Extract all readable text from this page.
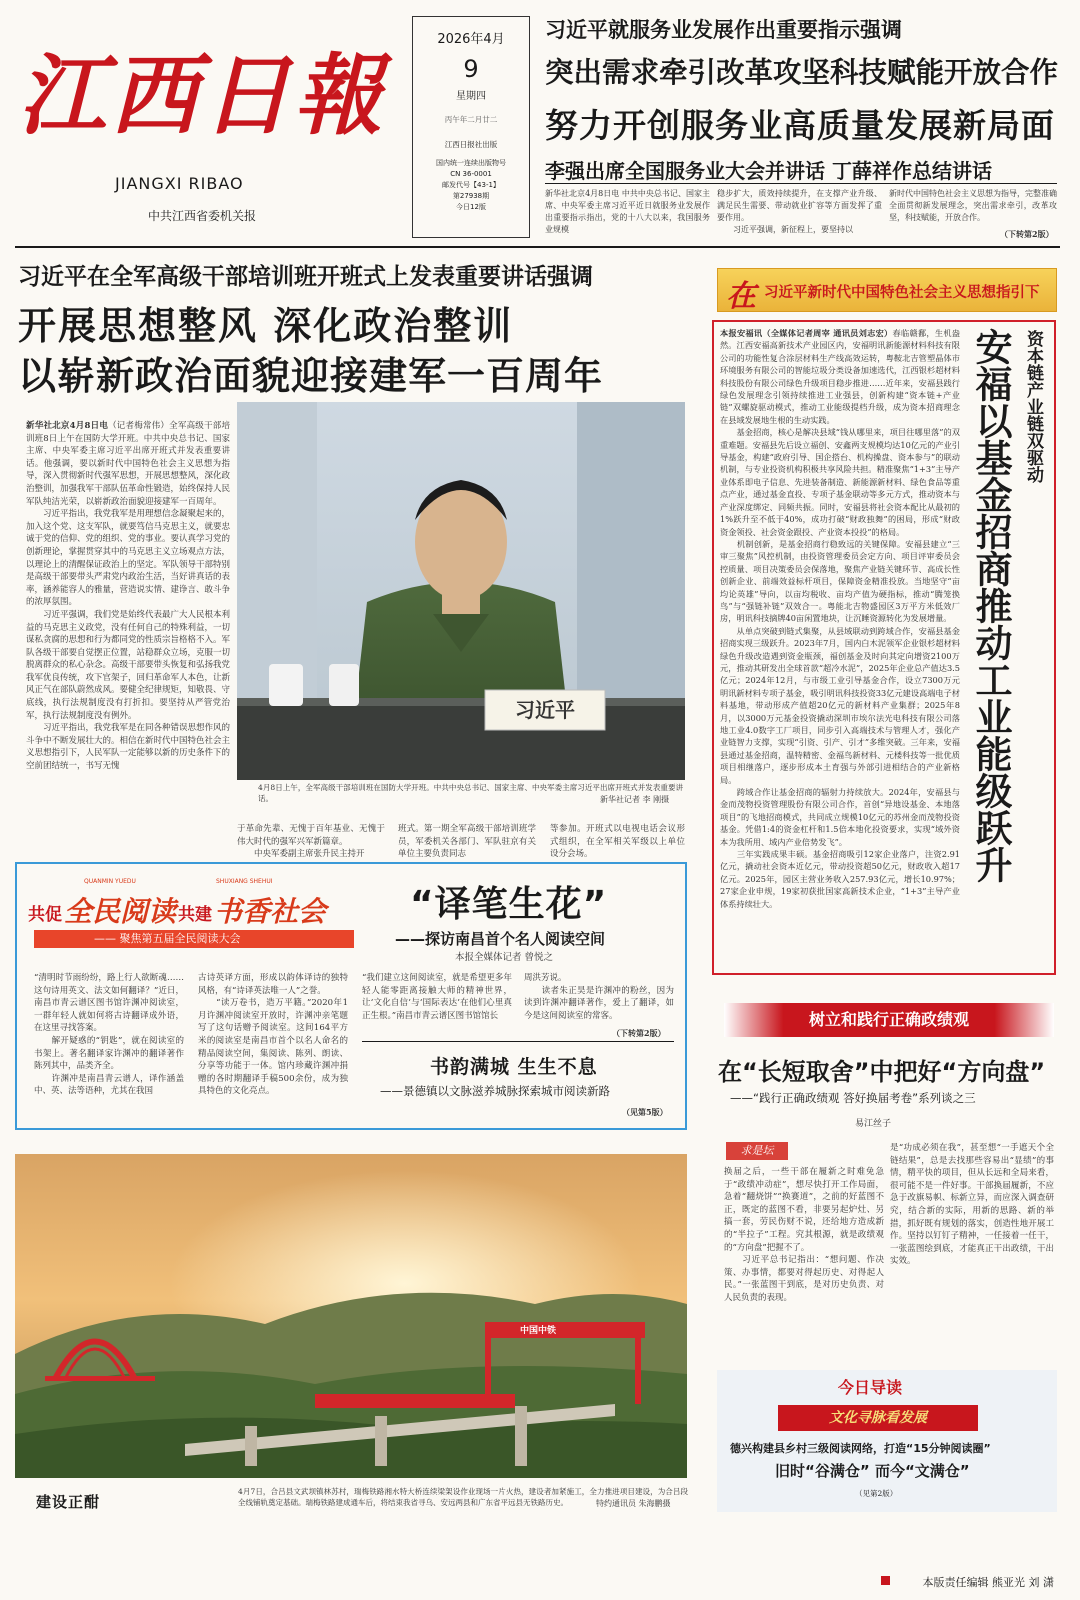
江西日報
JIANGXI RIBAO
中共江西省委机关报
2026年4月
9
星期四
丙午年二月廿二
江西日报社出版
国内统一连续出版物号
CN 36-0001
邮发代号【43-1】
第27938期
今日12版
习近平就服务业发展作出重要指示强调
突出需求牵引改革攻坚科技赋能开放合作
努力开创服务业高质量发展新局面
李强出席全国服务业大会并讲话 丁薛祥作总结讲话
新华社北京4月8日电 中共中央总书记、国家主席、中央军委主席习近平近日就服务业发展作出重要指示指出，党的十八大以来，我国服务业规模
稳步扩大，质效持续提升，在支撑产业升级、满足民生需要、带动就业扩容等方面发挥了重要作用。
　　习近平强调，新征程上，要坚持以
新时代中国特色社会主义思想为指导，完整准确全面贯彻新发展理念，突出需求牵引，改革攻坚，科技赋能，开放合作。
（下转第2版）
习近平在全军高级干部培训班开班式上发表重要讲话强调
开展思想整风 深化政治整训
以崭新政治面貌迎接建军一百周年
新华社北京4月8日电（记者梅常伟）全军高级干部培训班8日上午在国防大学开班。中共中央总书记、国家主席、中央军委主席习近平出席开班式并发表重要讲话。他强调，要以新时代中国特色社会主义思想为指导，深入贯彻新时代强军思想，开展思想整风，深化政治整训，加强我军干部队伍革命性锻造，始终保持人民军队纯洁光荣，以崭新政治面貌迎接建军一百周年。
　　习近平指出，我党我军是用理想信念凝聚起来的，加入这个党、这支军队，就要笃信马克思主义，就要忠诚于党的信仰、党的组织、党的事业。要认真学习党的创新理论，掌握贯穿其中的马克思主义立场观点方法，以理论上的清醒保证政治上的坚定。军队领导干部特别是高级干部要带头严肃党内政治生活，当好讲真话的表率，涵养能容人的雅量，营造说实情、建诤言、敢斗争的浓厚氛围。
　　习近平强调，我们党是始终代表最广大人民根本利益的马克思主义政党，没有任何自己的特殊利益，一切谋私贪腐的思想和行为都同党的性质宗旨格格不入。军队各级干部要自觉摆正位置，站稳群众立场，克服一切脱离群众的私心杂念。高级干部要带头恢复和弘扬我党我军优良传统，攻下官架子，回归革命军人本色，让新风正气在部队蔚然成风。要健全纪律规矩，知敬畏、守底线，执行法规制度没有打折扣。要坚持从严管党治军，执行法规制度没有例外。
　　习近平指出，我党我军是在同各种错误思想作风的斗争中不断发展壮大的。相信在新时代中国特色社会主义思想指引下，人民军队一定能够以新的历史条件下的空前团结统一，书写无愧
习近平
4月8日上午，全军高级干部培训班在国防大学开班。中共中央总书记、国家主席、中央军委主席习近平出席开班式并发表重要讲话。	新华社记者 李 刚摄
于革命先辈、无愧于百年基业、无愧于伟大时代的强军兴军新篇章。
　　中央军委副主席张升民主持开
班式。第一期全军高级干部培训班学员，军委机关各部门、军队驻京有关单位主要负责同志
等参加。开班式以电视电话会议形式组织，在全军相关军级以上单位设分会场。
在 习近平新时代中国特色社会主义思想指引下
本报安福讯（全媒体记者周宰 通讯员刘志宏）春临赣鄱，生机盎然。江西安福高新技术产业园区内，安福明讯新能源材料科技有限公司的功能性复合涂层材料生产线高效运转，粤鞍北吉管塑晶体市环境服务有限公司的智能垃圾分类设备加速选代，江西银杉超材料科技股份有限公司绿色升级项目稳步推进……近年来，安福县践行绿色发展理念引领持续推进工业强县，创新构建“资本链+产业链”双螺旋驱动模式，推动工业能级提档升级，成为资本招商理念在县域发展地生根的生动实践。
　　基金招商，核心是解决县域“钱从哪里来，项目往哪里落”的双重难题。安福县先后设立福创、安鑫两支规模均达10亿元的产业引导基金，构建“政府引导、国企搭台、机构操盘、资本参与”的联动机制，与专业投资机构积极共享风险共担。精准聚焦“1+3”主导产业体系即电子信息、先进装备制造、新能源新材料、绿色食品等重点产业，通过基金直投、专项子基金联动等多元方式，推动资本与产业深度绑定、同频共振。同时，安福县将社会资本配比从最初的1%跃升至不低于40%，成功打破“财政独舞”的困局，形成“财政资金领投、社会资金跟投、产业资本投投”的格局。
　　机制创新，是基金招商行稳致远的关键保障。安福县建立“三审三聚焦”风控机制，由投资管理委员会定方向、项目评审委员会控质量、项目决策委员会保落地，聚焦产业链关键环节、高成长性创新企业、前端效益标杆项目，保障资金精准投放。当地坚守“亩均论英雄”导向，以亩均税收、亩均产值为硬指标，推动“腾笼换鸟”与“强链补链”双效合一。粤能北吉物盛园区3万平方米低效厂房，明讯科技摘牌40亩闲置地块，让沉睡资源转化为发展增量。
　　从单点突破到链式集聚，从县域联动到跨域合作，安福县基金招商实现三级跃升。2023年7月，国内白木泥领军企业银杉超材料绿色升级改造遇到资金瓶颈，福创基金及时向其定向增资2100万元，推动其研发出全球首款“超冷水泥”，2025年企业总产值达3.5亿元；2024年12月，与市级工业引导基金合作，设立7300万元明讯新材料专项子基金，吸引明讯科技投资33亿元建设高端电子材料基地，带动形成产值超20亿元的新材料产业集群；2025年8月，以3000万元基金投资撬动深圳市埃尔法光电科技有限公司落地工业4.0数字工厂项目，同步引入高端技术与管理人才，强化产业链智力支撑，实现“引资、引产、引才”多维突破。三年来，安福县通过基金招商，温特精密、金福鸟新材料、元楼科技等一批优质项目相继落户，逐步形成本土育强与外部引进相结合的产业新格局。
　　跨域合作让基金招商的辐射力持续放大。2024年，安福县与金而茂物投资管理股份有限公司合作，首创“异地设基金、本地落项目”的飞地招商模式，共同成立规模10亿元的苏州金而茂物投资基金。凭借1:4的资金杠杆和1.5倍本地化投资要求，实现“域外资本为我所用、域内产业倍势发飞”。
　　三年实践成果丰硕。基金招商吸引12家企业落户，注资2.91亿元，撬动社会资本近亿元，带动投资超50亿元，财政收入超17亿元。2025年，园区主营业务收入257.93亿元，增长10.97%；27家企业申规，19家初获批国家高新技术企业，“1+3”主导产业体系持续壮大。
安福以基金招商推动工业能级跃升 资本链产业链双驱动
QUANMIN YUEDU	SHUXIANG SHEHUI
共促 全民阅读 共建 书香社会
—— 聚焦第五届全民阅读大会
“译笔生花”
——探访南昌首个名人阅读空间
本报全媒体记者 曾悦之
“清明时节雨纷纷，路上行人欲断魂……这句诗用英文、法文如何翻译？”近日，南昌市青云谱区图书馆许渊冲阅读室，一群年轻人就如何将古诗翻译成外语，在这里寻找答案。
　　解开疑惑的“钥匙”，就在阅读室的书架上。著名翻译家许渊冲的翻译著作陈列其中，品类齐全。
　　许渊冲是南昌青云谱人，译作涵盖中、英、法等语种，尤其在我国
古诗英译方面，形成以韵体译诗的独特风格，有“诗译英法唯一人”之誉。
　　“读万卷书，造万平籍。”2020年1月许渊冲阅读室开放时，许渊冲亲笔题写了这句话赠予阅读室。这间164平方米的阅读室是南昌市首个以名人命名的精品阅读空间，集阅读、陈列、朗读、分享等功能于一体。馆内珍藏许渊冲捐赠的各时期翻译手稿500余份，成为独具特色的文化亮点。
“我们建立这间阅读室，就是希望更多年轻人能零距离接触大师的精神世界，让‘文化自信’与‘国际表达’在他们心里真正生根。”南昌市青云谱区图书馆馆长
周洪芳说。
　　读者朱正昊是许渊冲的粉丝，因为读到许渊冲翻译著作，爱上了翻译，如今是这间阅读室的常客。
（下转第2版）
书韵满城 生生不息
——景德镇以文脉滋养城脉探索城市阅读新路
（见第5版）
中国中铁
建设正酣
4月7日，合吕县文武坝镇林苏村，瑞梅铁路湘水特大桥连续梁架设作业现场一片火热，建设者加紧施工，全力推进项目建设，为合吕段全线铺轨奠定基础。瑞梅铁路建成通车后，将结束我省寻乌、安远两县和广东省平远县无铁路历史。	特约通讯员 朱海鹏摄
树立和践行正确政绩观
在“长短取舍”中把好“方向盘”
——“践行正确政绩观 答好换届考卷”系列谈之三
易江丝子
求是坛
换届之后，一些干部在履新之时难免急于“政绩冲动症”，想尽快打开工作局面，急着“翻烧饼”“换赛道”，之前的好蓝图不正，既定的蓝图不看，非要另起炉灶、另搞一套，劳民伤财不说，还给地方造成新的“半拉子”工程。究其根源，就是政绩观的“方向盘”把握不了。
　　习近平总书记指出：“想问题、作决策、办事情，都要对得起历史、对得起人民。”一张蓝图干到底，是对历史负责、对人民负责的表现。
是“功成必须在我”，甚至想“一手遮天个全链结果”，总是去找那些容易出“显绩”的事情，精平快的项目，但从长远和全局来看，很可能不是一件好事。干部换届履新，不应急于改旗易帜、标新立异，而应深入调查研究，结合新的实际，用新的思路、新的举措，抓好既有规划的落实，创造性地开展工作。坚持以钉钉子精神，一任接着一任干，一张蓝图绘到底，才能真正干出政绩，干出实效。
今日导读
文化寻脉看发展
德兴构建县乡村三级阅读网络，打造“15分钟阅读圈”
旧时“谷满仓” 而今“文满仓”
（见第2版）
本版责任编辑 熊亚光 刘 潇
